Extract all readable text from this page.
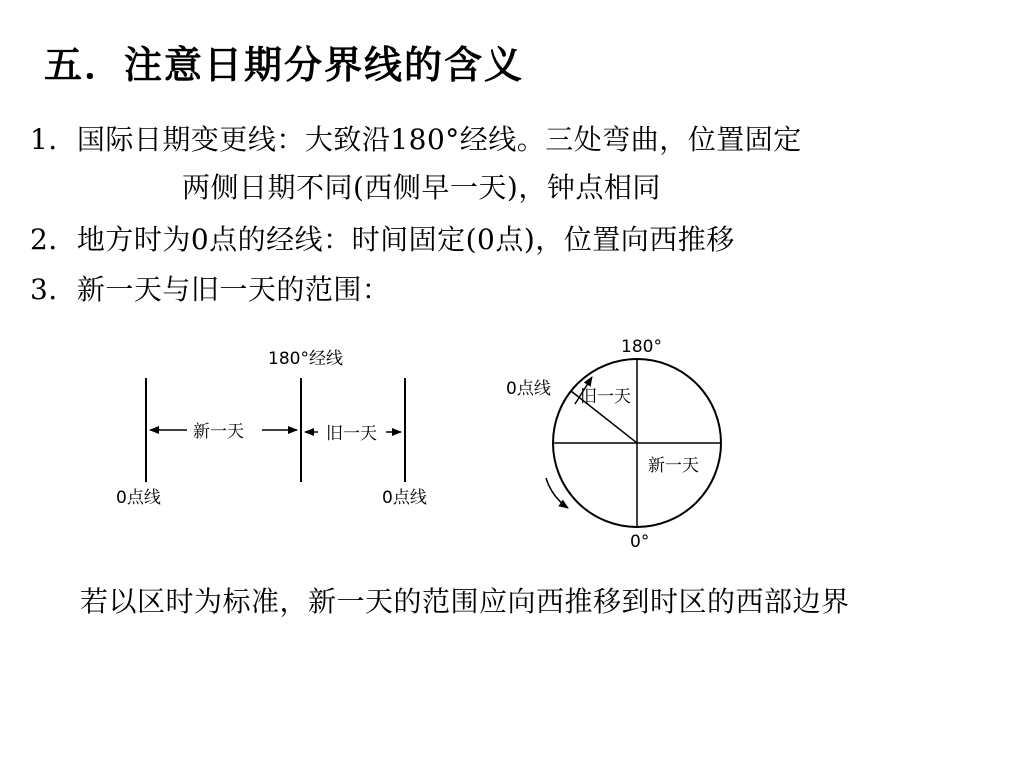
五．注意日期分界线的含义
1．国际日期变更线：大致沿180°经线。三处弯曲，位置固定
两侧日期不同(西侧早一天)，钟点相同
2．地方时为0点的经线：时间固定(0点)，位置向西推移
3．新一天与旧一天的范围：
180°经线
新一天	旧一天
0点线	0点线
180°
0°
0点线 旧一天
新一天
若以区时为标准，新一天的范围应向西推移到时区的西部边界
